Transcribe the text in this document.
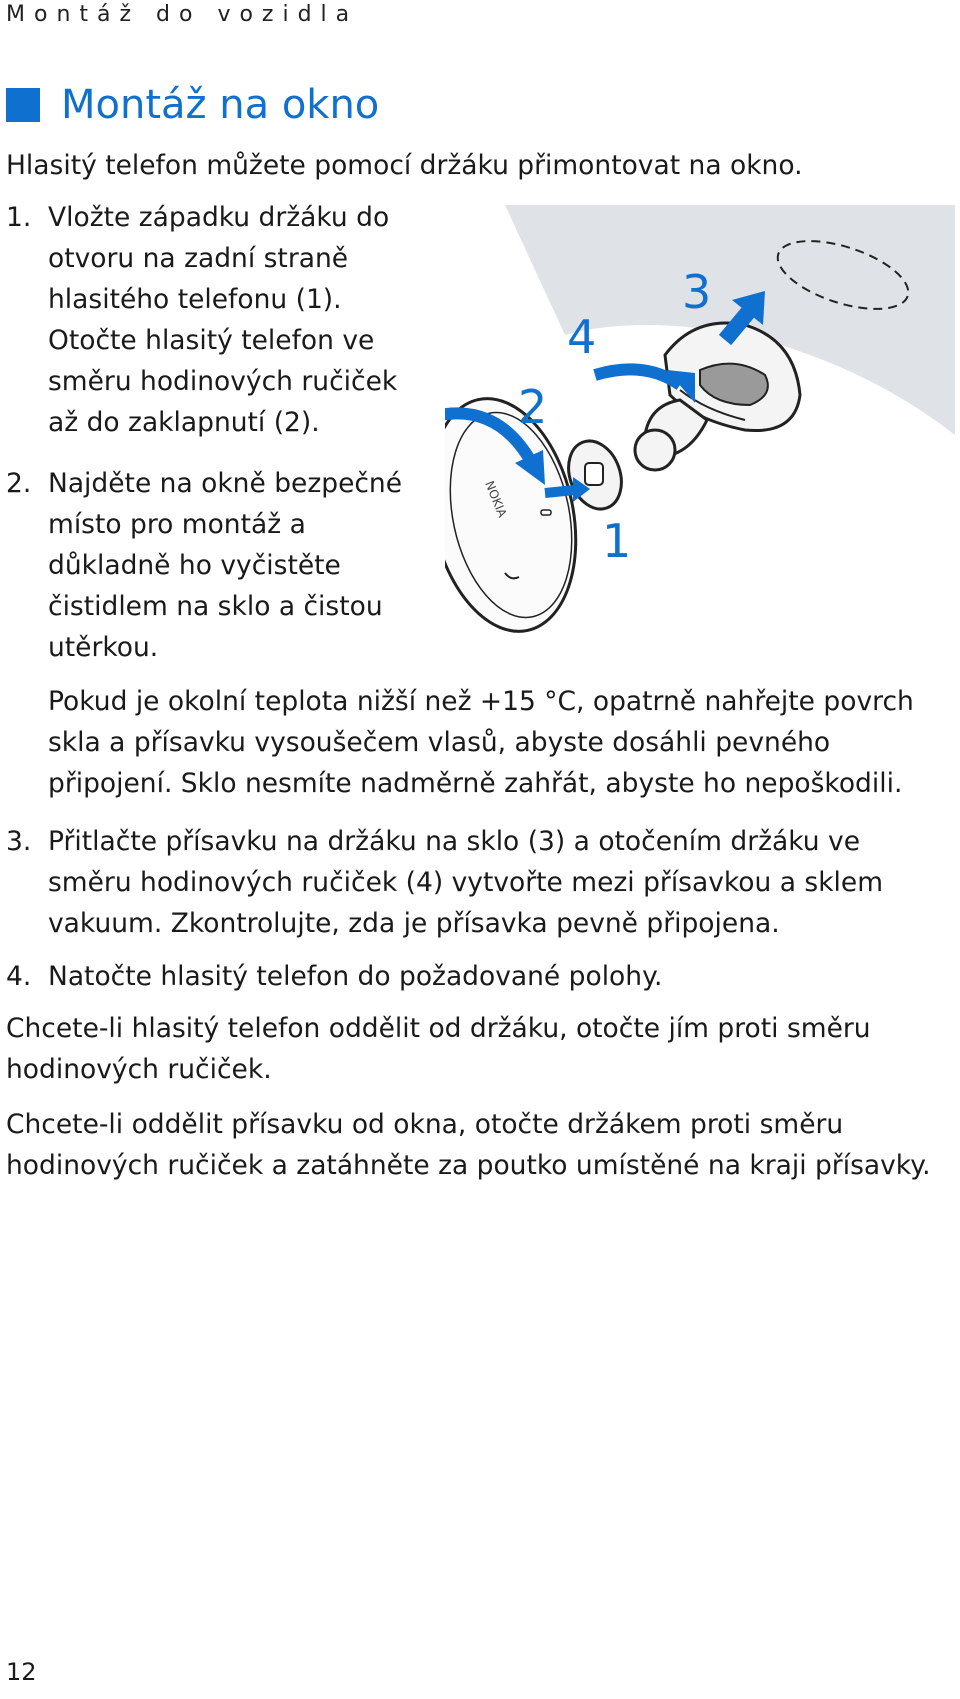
Montáž do vozidla
Montáž na okno

Hlasitý telefon můžete pomocí držáku přimontovat na okno.

1. Vložte západku držáku do otvoru na zadní straně hlasitého telefonu (1). Otočte hlasitý telefon ve směru hodinových ručiček až do zaklapnutí (2).
2. Najděte na okně bezpečné místo pro montáž a důkladně ho vyčistěte čistidlem na sklo a čistou utěrkou.

Pokud je okolní teplota nižší než +15 °C, opatrně nahřejte povrch skla a přísavku vysoušečem vlasů, abyste dosáhli pevného připojení. Sklo nesmíte nadměrně zahřát, abyste ho nepoškodili.

3. Přitlačte přísavku na držáku na sklo (3) a otočením držáku ve směru hodinových ručiček (4) vytvořte mezi přísavkou a sklem vakuum. Zkontrolujte, zda je přísavka pevně připojena.
4. Natočte hlasitý telefon do požadované polohy.

Chcete-li hlasitý telefon oddělit od držáku, otočte jím proti směru hodinových ručiček.

Chcete-li oddělit přísavku od okna, otočte držákem proti směru hodinových ručiček a zatáhněte za poutko umístěné na kraji přísavky.

NOKIA
2
4
3
1
12
